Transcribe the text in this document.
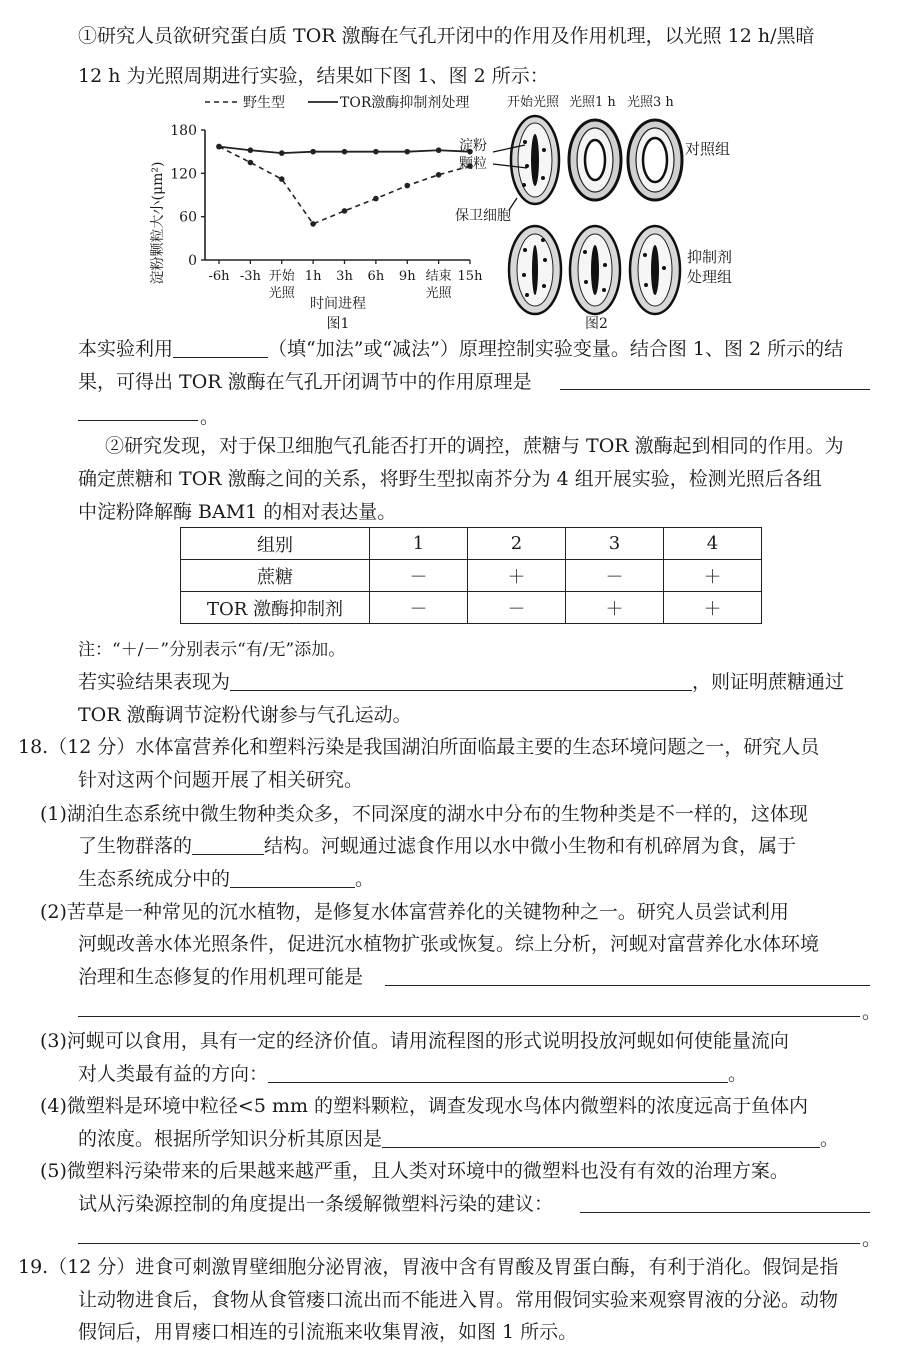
①研究人员欲研究蛋白质 TOR 激酶在气孔开闭中的作用及作用机理，以光照 12 h/黑暗
12 h 为光照周期进行实验，结果如下图 1、图 2 所示：
野生型	TOR激酶抑制剂处理
淀粉颗粒大小(μm²)
180
120
60
0
-6h -3h 开始
光照
1h 3h 6h 9h 结束
光照
15h
时间进程
图1
开始光照 光照1 h 光照3 h
对照组
淀粉
颗粒
保卫细胞
抑制剂
处理组
图2
本实验利用	（填“加法”或“减法”）原理控制实验变量。结合图 1、图 2 所示的结
果，可得出 TOR 激酶在气孔开闭调节中的作用原理是
。
②研究发现，对于保卫细胞气孔能否打开的调控，蔗糖与 TOR 激酶起到相同的作用。为
确定蔗糖和 TOR 激酶之间的关系，将野生型拟南芥分为 4 组开展实验，检测光照后各组
中淀粉降解酶 BAM1 的相对表达量。
组别	1	2	3	4
蔗糖	－	＋	－	＋
TOR 激酶抑制剂	－	－	＋	＋
注：“＋/－”分别表示“有/无”添加。
若实验结果表现为	，则证明蔗糖通过
TOR 激酶调节淀粉代谢参与气孔运动。
18.（12 分）水体富营养化和塑料污染是我国湖泊所面临最主要的生态环境问题之一，研究人员
针对这两个问题开展了相关研究。
(1)湖泊生态系统中微生物种类众多，不同深度的湖水中分布的生物种类是不一样的，这体现
了生物群落的	结构。河蚬通过滤食作用以水中微小生物和有机碎屑为食，属于
生态系统成分中的	。
(2)苦草是一种常见的沉水植物，是修复水体富营养化的关键物种之一。研究人员尝试利用
河蚬改善水体光照条件，促进沉水植物扩张或恢复。综上分析，河蚬对富营养化水体环境
治理和生态修复的作用机理可能是
。
(3)河蚬可以食用，具有一定的经济价值。请用流程图的形式说明投放河蚬如何使能量流向
对人类最有益的方向：	。
(4)微塑料是环境中粒径<5 mm 的塑料颗粒，调查发现水鸟体内微塑料的浓度远高于鱼体内
的浓度。根据所学知识分析其原因是	。
(5)微塑料污染带来的后果越来越严重，且人类对环境中的微塑料也没有有效的治理方案。
试从污染源控制的角度提出一条缓解微塑料污染的建议：
。
19.（12 分）进食可刺激胃壁细胞分泌胃液，胃液中含有胃酸及胃蛋白酶，有利于消化。假饲是指
让动物进食后，食物从食管瘘口流出而不能进入胃。常用假饲实验来观察胃液的分泌。动物
假饲后，用胃瘘口相连的引流瓶来收集胃液，如图 1 所示。
